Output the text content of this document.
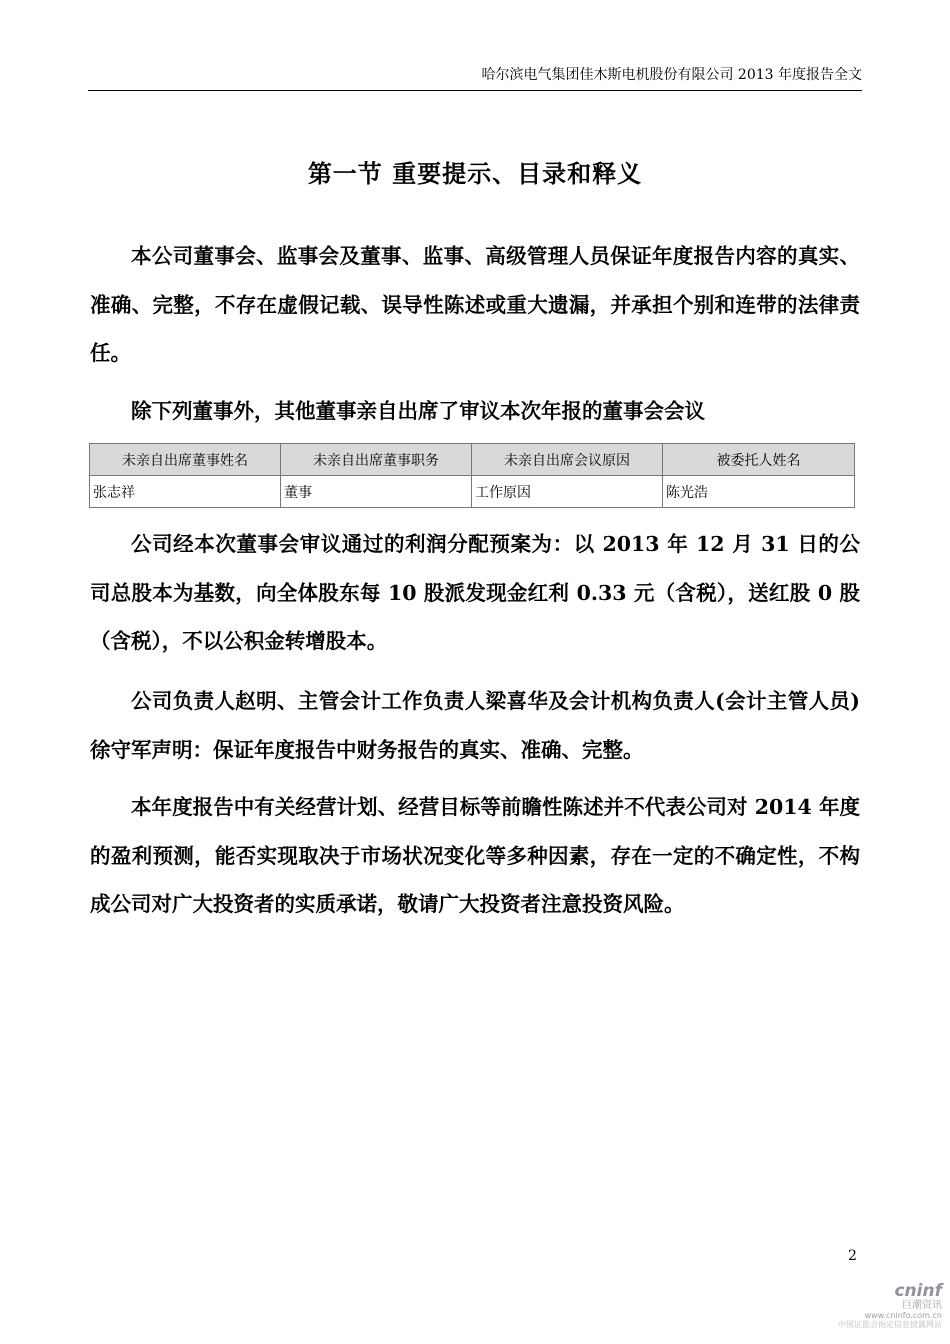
哈尔滨电气集团佳木斯电机股份有限公司 2013 年度报告全文
第一节 重要提示、目录和释义

本公司董事会、监事会及董事、监事、高级管理人员保证年度报告内容的真实、准确、完整，不存在虚假记载、误导性陈述或重大遗漏，并承担个别和连带的法律责任。

除下列董事外，其他董事亲自出席了审议本次年报的董事会会议

未亲自出席董事姓名	未亲自出席董事职务	未亲自出席会议原因	被委托人姓名
张志祥	董事	工作原因	陈光浩

公司经本次董事会审议通过的利润分配预案为：以 2013 年 12 月 31 日的公司总股本为基数，向全体股东每 10 股派发现金红利 0.33 元（含税），送红股 0 股（含税），不以公积金转增股本。

公司负责人赵明、主管会计工作负责人梁喜华及会计机构负责人(会计主管人员)徐守军声明：保证年度报告中财务报告的真实、准确、完整。

本年度报告中有关经营计划、经营目标等前瞻性陈述并不代表公司对 2014 年度的盈利预测，能否实现取决于市场状况变化等多种因素，存在一定的不确定性，不构成公司对广大投资者的实质承诺，敬请广大投资者注意投资风险。

2
cninf
巨潮资讯
www.cninfo.com.cn
中国证监会指定信息披露网站
